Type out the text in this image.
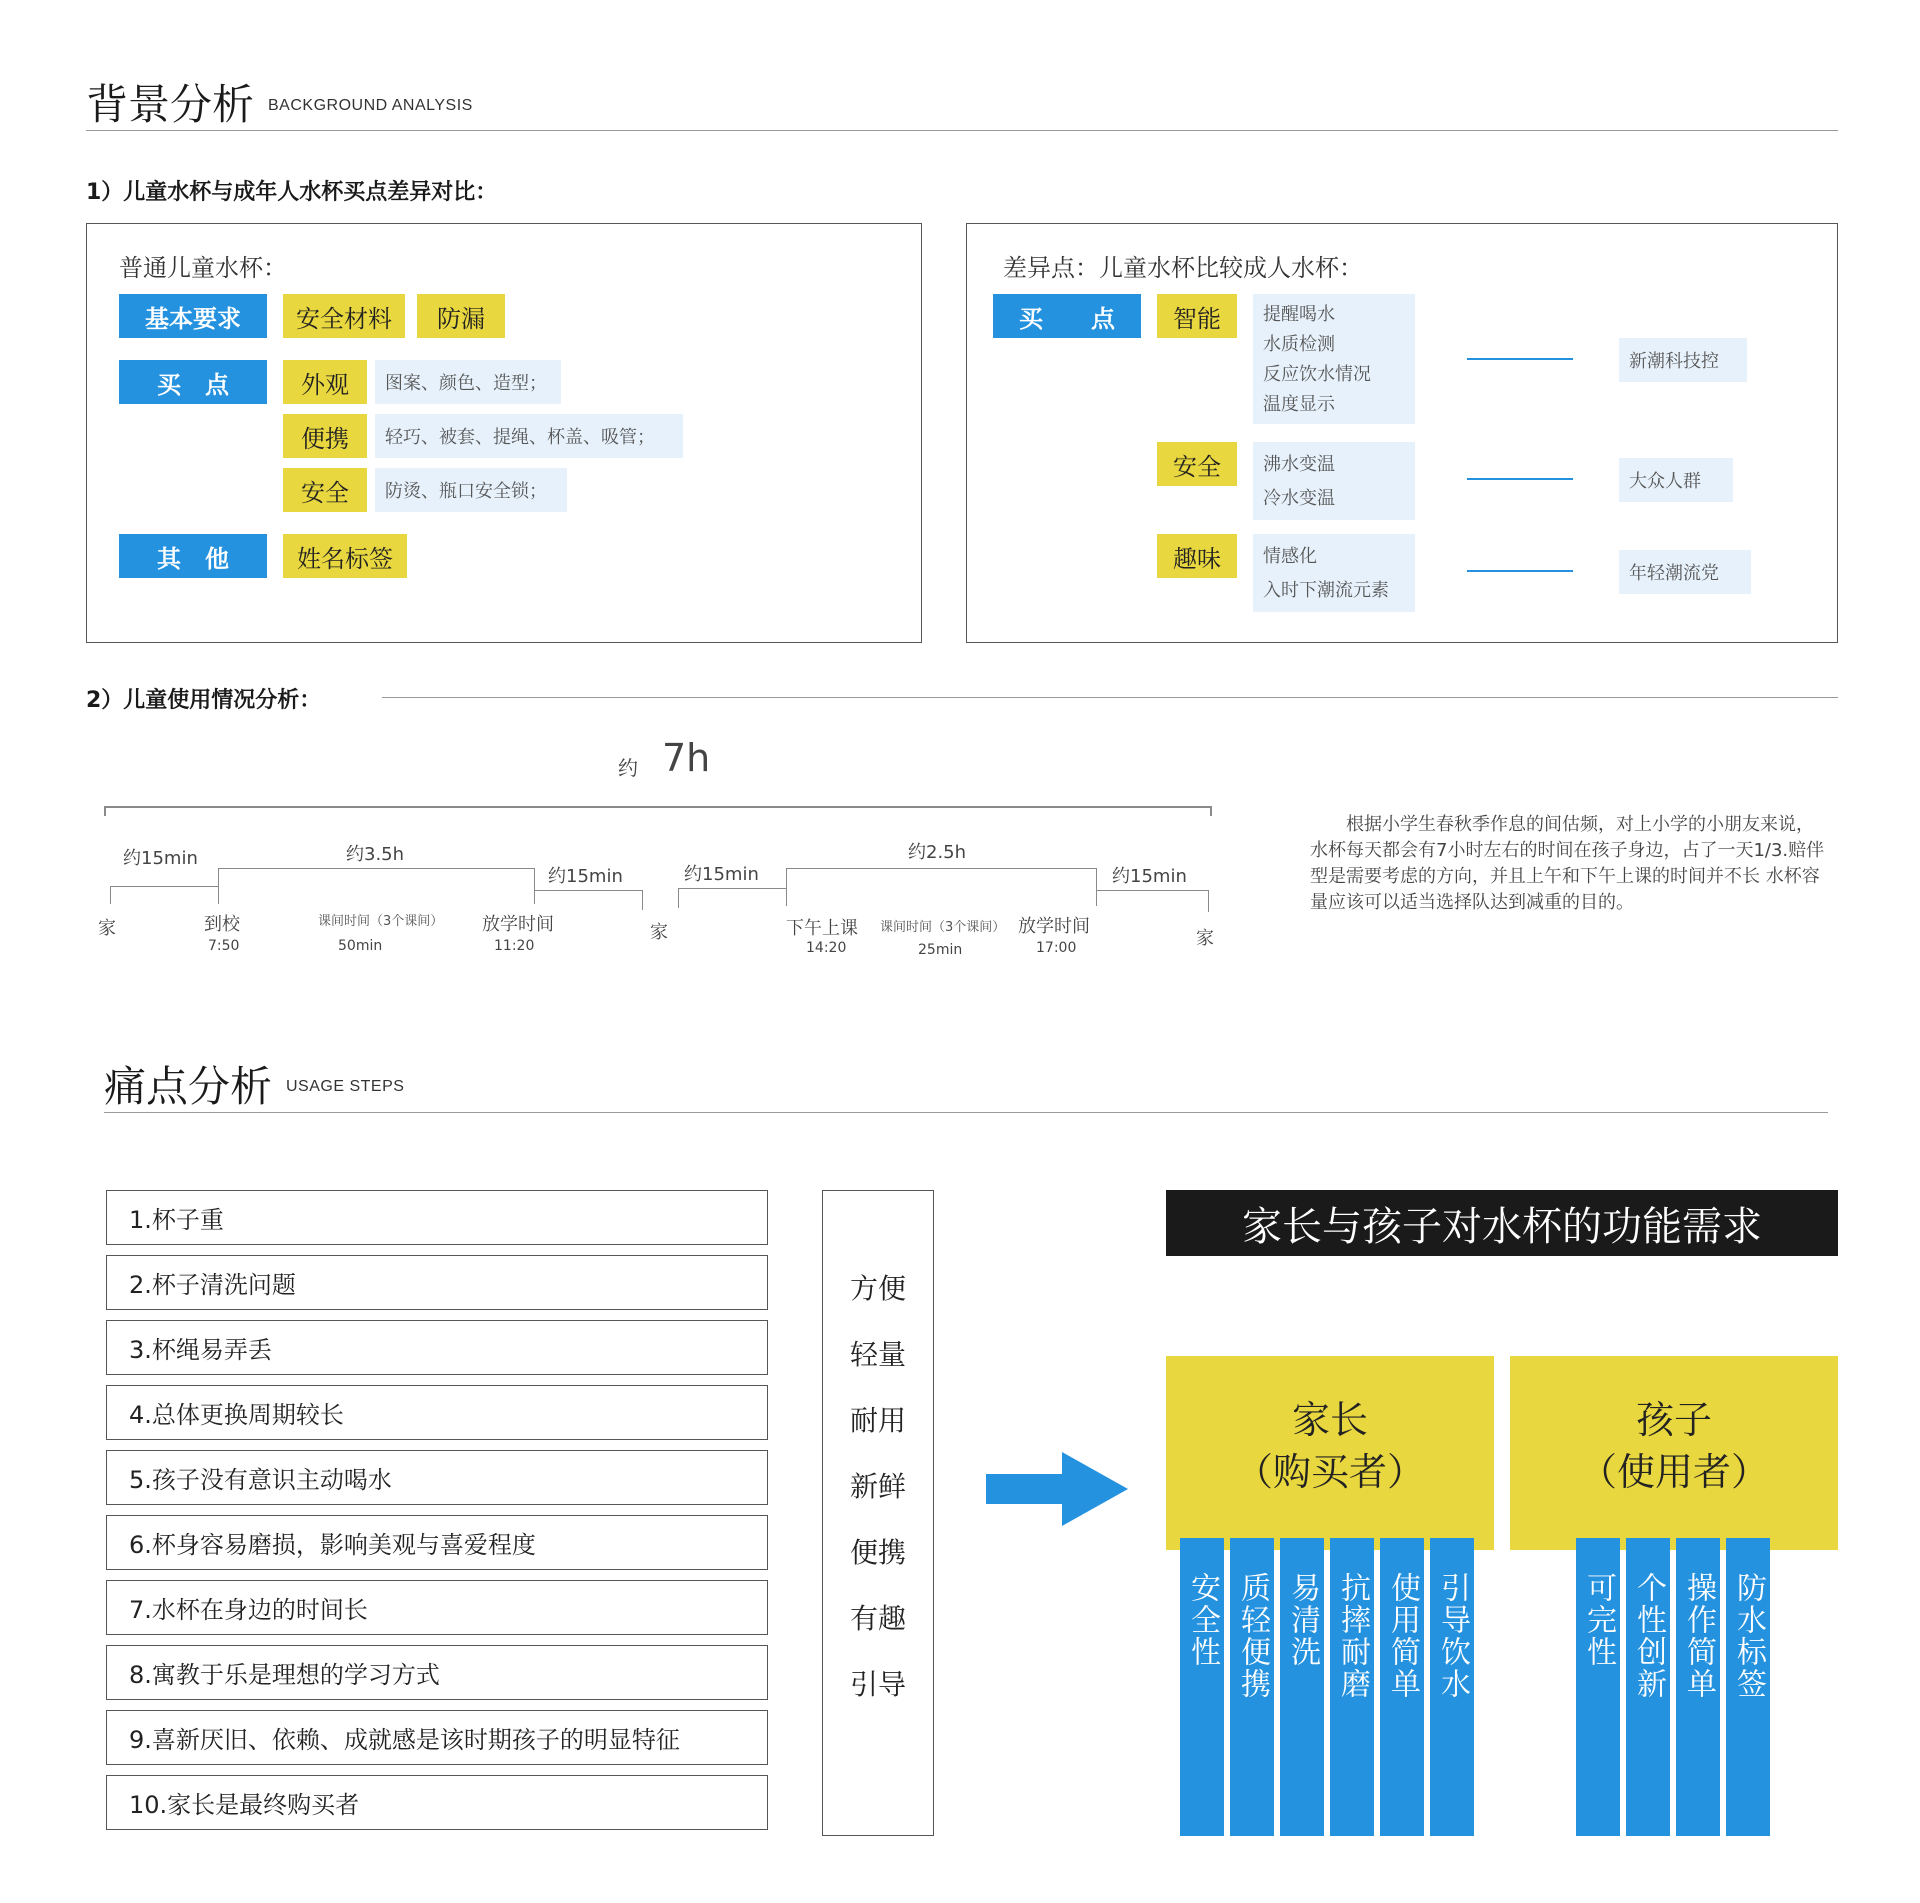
背景分析 BACKGROUND ANALYSIS
1）儿童水杯与成年人水杯买点差异对比：
普通儿童水杯：
基本要求	安全材料	防漏
买　点	外观	图案、颜色、造型；
便携	轻巧、被套、提绳、杯盖、吸管；
安全	防烫、瓶口安全锁；
其　他	姓名标签
差异点：儿童水杯比较成人水杯：
买　　点	智能	提醒喝水
水质检测
反应饮水情况
温度显示
新潮科技控
安全	沸水变温
冷水变温
大众人群
趣味	情感化
入时下潮流元素
年轻潮流党
2）儿童使用情况分析：
约 7h
约15min	约3.5h
约15min	约15min
约2.5h
约15min
家	到校
7:50
课间时间（3个课间）
50min
放学时间
11:20
家	下午上课
14:20
课间时间（3个课间）
25min
放学时间
17:00	家
　　根据小学生春秋季作息的间估频，对上小学的小朋友来说，水杯每天都会有7小时左右的时间在孩子身边，占了一天1/3.赔伴型是需要考虑的方向，并且上午和下午上课的时间并不长 水杯容量应该可以适当选择队达到减重的目的。
痛点分析 USAGE STEPS
1.杯子重
2.杯子清洗问题
3.杯绳易弄丢
4.总体更换周期较长
5.孩子没有意识主动喝水
6.杯身容易磨损，影响美观与喜爱程度
7.水杯在身边的时间长
8.寓教于乐是理想的学习方式
9.喜新厌旧、依赖、成就感是该时期孩子的明显特征
10.家长是最终购买者
方便
轻量
耐用
新鲜
便携
有趣
引导
家长与孩子对水杯的功能需求
家长
（购买者）
孩子
（使用者）
安全性 质轻便携 易清洗 抗摔耐磨 使用简单 引导饮水	可完性 个性创新 操作简单 防水标签
